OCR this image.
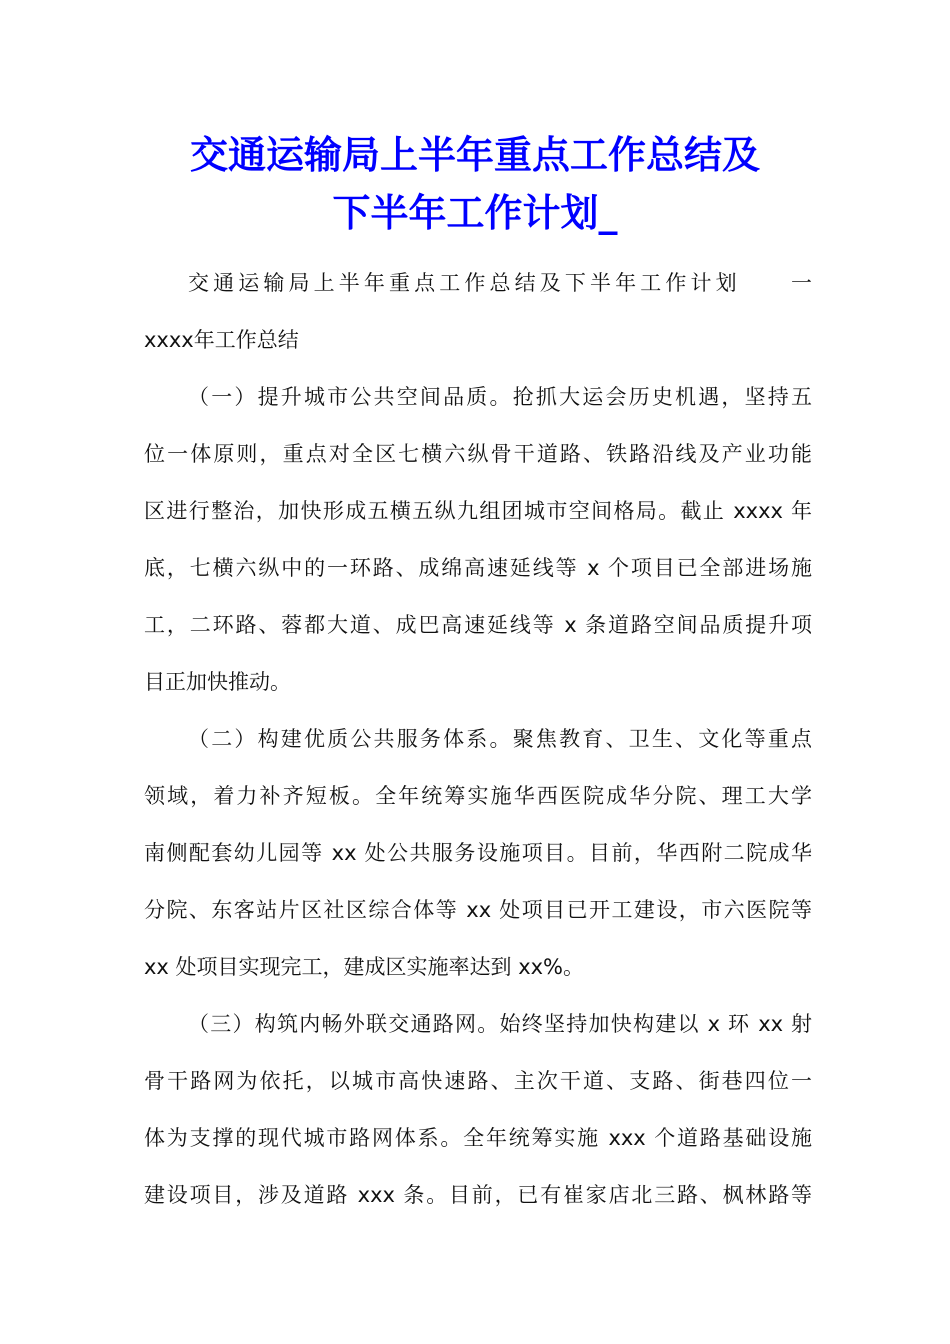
交通运输局上半年重点工作总结及
下半年工作计划_
交通运输局上半年重点工作总结及下半年工作计划　　一
xxxx年工作总结
（一）提升城市公共空间品质。抢抓大运会历史机遇，坚持五
位一体原则，重点对全区七横六纵骨干道路、铁路沿线及产业功能
区进行整治，加快形成五横五纵九组团城市空间格局。截止 xxxx 年
底，七横六纵中的一环路、成绵高速延线等 x 个项目已全部进场施
工，二环路、蓉都大道、成巴高速延线等 x 条道路空间品质提升项
目正加快推动。
（二）构建优质公共服务体系。聚焦教育、卫生、文化等重点
领域，着力补齐短板。全年统筹实施华西医院成华分院、理工大学
南侧配套幼儿园等 xx 处公共服务设施项目。目前，华西附二院成华
分院、东客站片区社区综合体等 xx 处项目已开工建设，市六医院等
xx 处项目实现完工，建成区实施率达到 xx%。
（三）构筑内畅外联交通路网。始终坚持加快构建以 x 环 xx 射
骨干路网为依托，以城市高快速路、主次干道、支路、街巷四位一
体为支撑的现代城市路网体系。全年统筹实施 xxx 个道路基础设施
建设项目，涉及道路 xxx 条。目前，已有崔家店北三路、枫林路等
